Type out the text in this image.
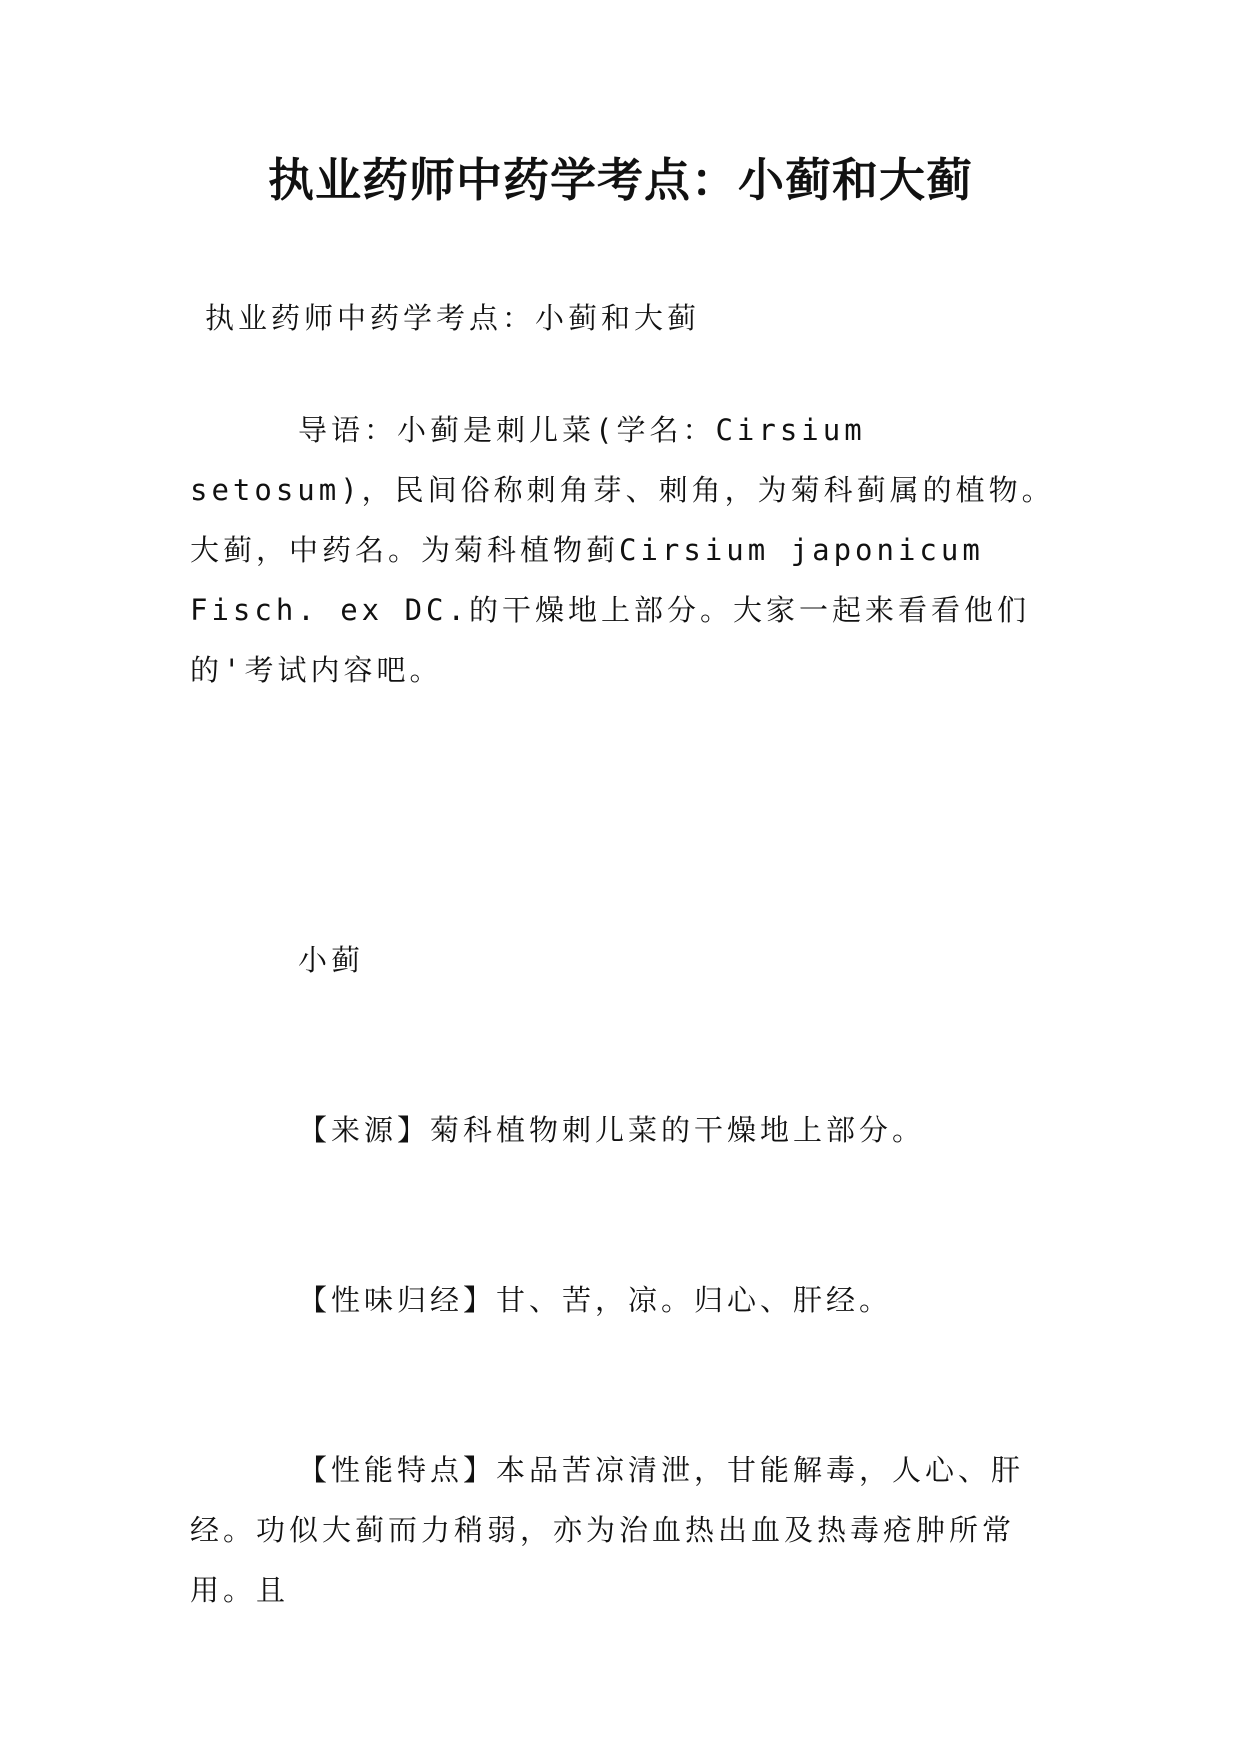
执业药师中药学考点：小蓟和大蓟
执业药师中药学考点：小蓟和大蓟
导语：小蓟是刺儿菜(学名：Cirsium setosum)，民间俗称刺角芽、刺角，为菊科蓟属的植物。大蓟，中药名。为菊科植物蓟Cirsium japonicum Fisch. ex DC.的干燥地上部分。大家一起来看看他们的'考试内容吧。
小蓟
【来源】菊科植物刺儿菜的干燥地上部分。
【性味归经】甘、苦，凉。归心、肝经。
【性能特点】本品苦凉清泄，甘能解毒，人心、肝经。功似大蓟而力稍弱，亦为治血热出血及热毒疮肿所常用。且
